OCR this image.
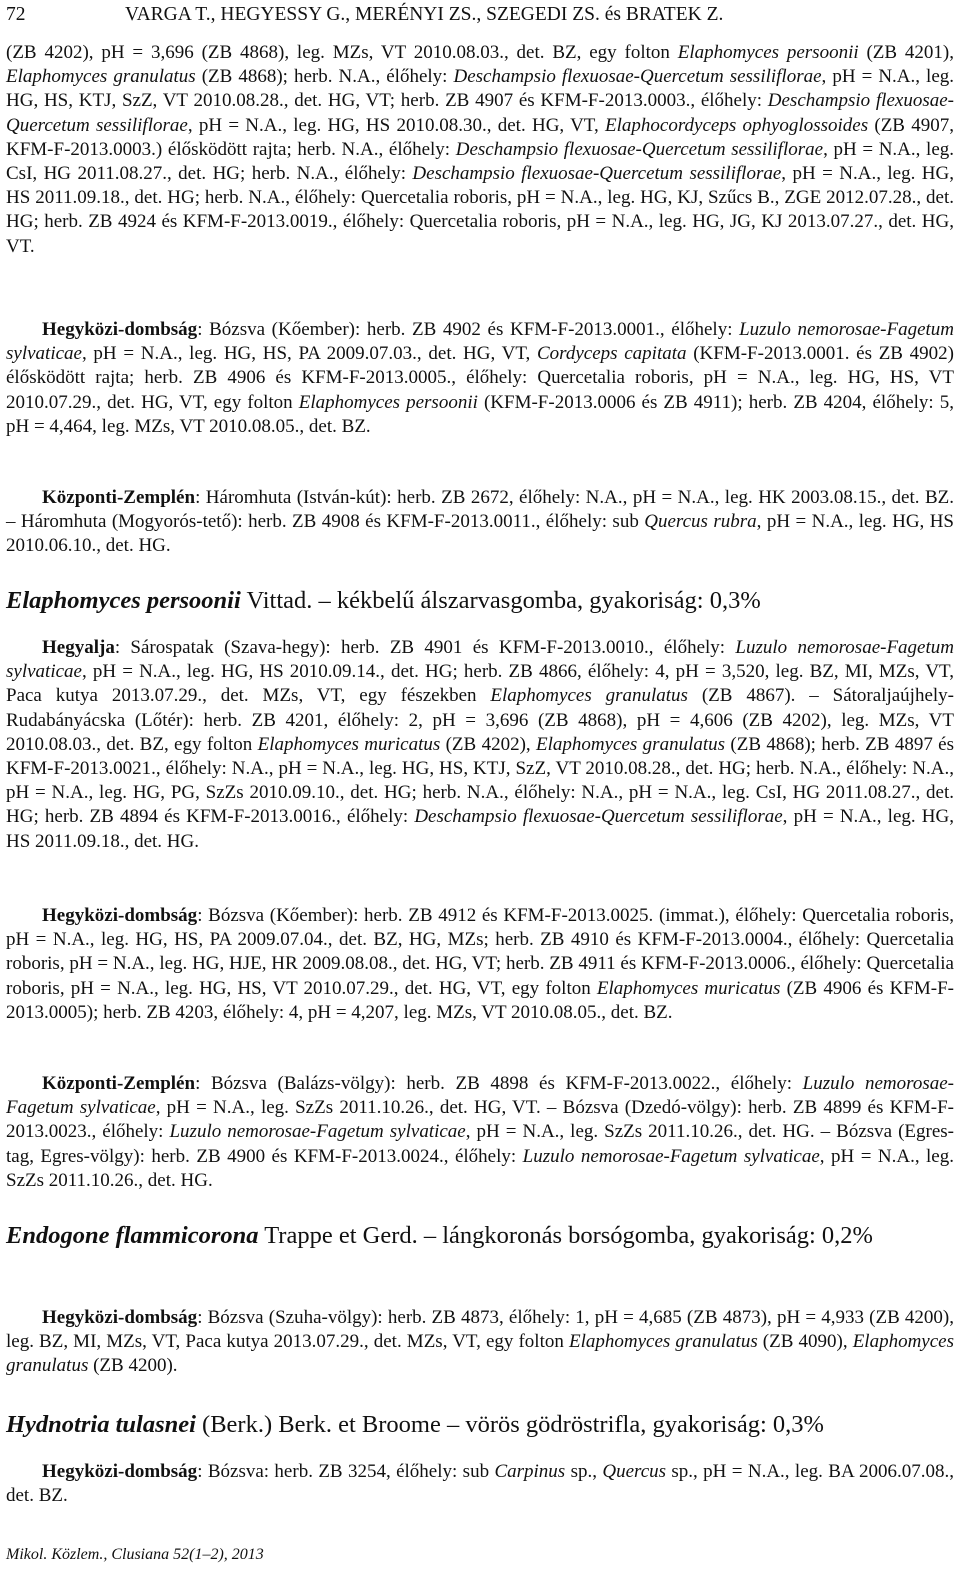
72	VARGA T., HEGYESSY G., MERÉNYI ZS., SZEGEDI ZS. és BRATEK Z.

(ZB 4202), pH = 3,696 (ZB 4868), leg. MZs, VT 2010.08.03., det. BZ, egy folton Elaphomyces persoonii (ZB 4201), Elaphomyces granulatus (ZB 4868); herb. N.A., élőhely: Deschampsio flexuosae-Quercetum sessiliflorae, pH = N.A., leg. HG, HS, KTJ, SzZ, VT 2010.08.28., det. HG, VT; herb. ZB 4907 és KFM-F-2013.0003., élőhely: Deschampsio flexuosae-Quercetum sessiliflorae, pH = N.A., leg. HG, HS 2010.08.30., det. HG, VT, Elaphocordyceps ophyoglossoides (ZB 4907, KFM-F-2013.0003.) élősködött rajta; herb. N.A., élőhely: Deschampsio flexuosae-Quercetum sessiliflorae, pH = N.A., leg. CsI, HG 2011.08.27., det. HG; herb. N.A., élőhely: Deschampsio flexuosae-Quercetum sessiliflorae, pH = N.A., leg. HG, HS 2011.09.18., det. HG; herb. N.A., élőhely: Quercetalia roboris, pH = N.A., leg. HG, KJ, Szűcs B., ZGE 2012.07.28., det. HG; herb. ZB 4924 és KFM-F-2013.0019., élőhely: Quercetalia roboris, pH = N.A., leg. HG, JG, KJ 2013.07.27., det. HG, VT.

Hegyközi-dombság: Bózsva (Kőember): herb. ZB 4902 és KFM-F-2013.0001., élőhely: Luzulo nemorosae-Fagetum sylvaticae, pH = N.A., leg. HG, HS, PA 2009.07.03., det. HG, VT, Cordyceps capitata (KFM-F-2013.0001. és ZB 4902) élősködött rajta; herb. ZB 4906 és KFM-F-2013.0005., élőhely: Quercetalia roboris, pH = N.A., leg. HG, HS, VT 2010.07.29., det. HG, VT, egy folton Elaphomyces persoonii (KFM-F-2013.0006 és ZB 4911); herb. ZB 4204, élőhely: 5, pH = 4,464, leg. MZs, VT 2010.08.05., det. BZ.

Központi-Zemplén: Háromhuta (István-kút): herb. ZB 2672, élőhely: N.A., pH = N.A., leg. HK 2003.08.15., det. BZ. – Háromhuta (Mogyorós-tető): herb. ZB 4908 és KFM-F-2013.0011., élőhely: sub Quercus rubra, pH = N.A., leg. HG, HS 2010.06.10., det. HG.

Elaphomyces persoonii Vittad. – kékbelű álszarvasgomba, gyakoriság: 0,3%

Hegyalja: Sárospatak (Szava-hegy): herb. ZB 4901 és KFM-F-2013.0010., élőhely: Luzulo nemorosae-Fagetum sylvaticae, pH = N.A., leg. HG, HS 2010.09.14., det. HG; herb. ZB 4866, élőhely: 4, pH = 3,520, leg. BZ, MI, MZs, VT, Paca kutya 2013.07.29., det. MZs, VT, egy fészekben Elaphomyces granulatus (ZB 4867). – Sátoraljaújhely-Rudabányácska (Lőtér): herb. ZB 4201, élőhely: 2, pH = 3,696 (ZB 4868), pH = 4,606 (ZB 4202), leg. MZs, VT 2010.08.03., det. BZ, egy folton Elaphomyces muricatus (ZB 4202), Elaphomyces granulatus (ZB 4868); herb. ZB 4897 és KFM-F-2013.0021., élőhely: N.A., pH = N.A., leg. HG, HS, KTJ, SzZ, VT 2010.08.28., det. HG; herb. N.A., élőhely: N.A., pH = N.A., leg. HG, PG, SzZs 2010.09.10., det. HG; herb. N.A., élőhely: N.A., pH = N.A., leg. CsI, HG 2011.08.27., det. HG; herb. ZB 4894 és KFM-F-2013.0016., élőhely: Deschampsio flexuosae-Quercetum sessiliflorae, pH = N.A., leg. HG, HS 2011.09.18., det. HG.

Hegyközi-dombság: Bózsva (Kőember): herb. ZB 4912 és KFM-F-2013.0025. (immat.), élőhely: Quercetalia roboris, pH = N.A., leg. HG, HS, PA 2009.07.04., det. BZ, HG, MZs; herb. ZB 4910 és KFM-F-2013.0004., élőhely: Quercetalia roboris, pH = N.A., leg. HG, HJE, HR 2009.08.08., det. HG, VT; herb. ZB 4911 és KFM-F-2013.0006., élőhely: Quercetalia roboris, pH = N.A., leg. HG, HS, VT 2010.07.29., det. HG, VT, egy folton Elaphomyces muricatus (ZB 4906 és KFM-F-2013.0005); herb. ZB 4203, élőhely: 4, pH = 4,207, leg. MZs, VT 2010.08.05., det. BZ.

Központi-Zemplén: Bózsva (Balázs-völgy): herb. ZB 4898 és KFM-F-2013.0022., élőhely: Luzulo nemorosae-Fagetum sylvaticae, pH = N.A., leg. SzZs 2011.10.26., det. HG, VT. – Bózsva (Dzedó-völgy): herb. ZB 4899 és KFM-F-2013.0023., élőhely: Luzulo nemorosae-Fagetum sylvaticae, pH = N.A., leg. SzZs 2011.10.26., det. HG. – Bózsva (Egres-tag, Egres-völgy): herb. ZB 4900 és KFM-F-2013.0024., élőhely: Luzulo nemorosae-Fagetum sylvaticae, pH = N.A., leg. SzZs 2011.10.26., det. HG.

Endogone flammicorona Trappe et Gerd. – lángkoronás borsógomba, gyakoriság: 0,2%

Hegyközi-dombság: Bózsva (Szuha-völgy): herb. ZB 4873, élőhely: 1, pH = 4,685 (ZB 4873), pH = 4,933 (ZB 4200), leg. BZ, MI, MZs, VT, Paca kutya 2013.07.29., det. MZs, VT, egy folton Elaphomyces granulatus (ZB 4090), Elaphomyces granulatus (ZB 4200).

Hydnotria tulasnei (Berk.) Berk. et Broome – vörös gödröstrifla, gyakoriság: 0,3%

Hegyközi-dombság: Bózsva: herb. ZB 3254, élőhely: sub Carpinus sp., Quercus sp., pH = N.A., leg. BA 2006.07.08., det. BZ.

Mikol. Közlem., Clusiana 52(1–2), 2013
